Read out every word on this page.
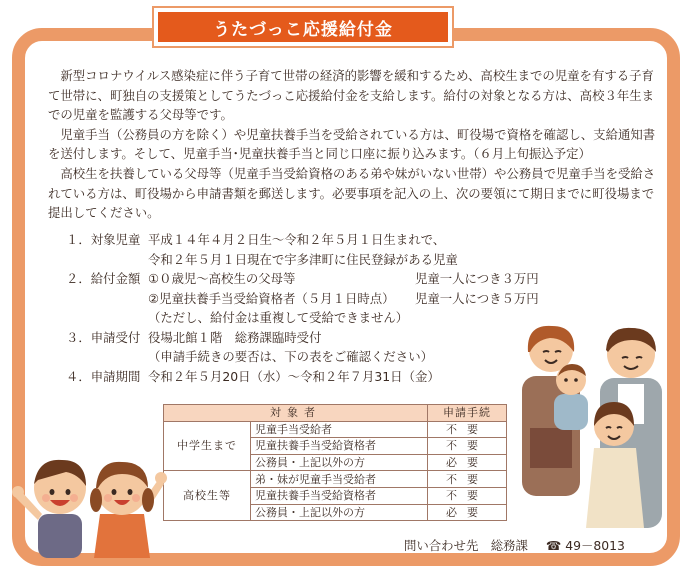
うたづっこ応援給付金

新型コロナウイルス感染症に伴う子育て世帯の経済的影響を緩和するため、高校生までの児童を有する子育て世帯に、町独自の支援策としてうたづっこ応援給付金を支給します。給付の対象となる方は、高校３年生までの児童を監護する父母等です。

児童手当（公務員の方を除く）や児童扶養手当を受給されている方は、町役場で資格を確認し、支給通知書を送付します。そして、児童手当･児童扶養手当と同じ口座に振り込みます。（６月上旬振込予定）

高校生を扶養している父母等（児童手当受給資格のある弟や妹がいない世帯）や公務員で児童手当を受給されている方は、町役場から申請書類を郵送します。必要事項を記入の上、次の要領にて期日までに町役場まで提出してください。

１．対象児童 平成１４年４月２日生〜令和２年５月１日生まれで、
令和２年５月１日現在で宇多津町に住民登録がある児童
２．給付金額 ①０歳児〜高校生の父母等	児童一人につき３万円
②児童扶養手当受給資格者（５月１日時点）	児童一人につき５万円
（ただし、給付金は重複して受給できません）
３．申請受付 役場北館１階　総務課臨時受付
（申請手続きの要否は、下の表をご確認ください）
４．申請期間 令和２年５月20日（水）〜令和２年７月31日（金）
対象者		申請手続
中学生まで	児童手当受給者	不要
	児童扶養手当受給資格者	不要
	公務員・上記以外の方	必要
高校生等	弟・妹が児童手当受給者	不要
	児童扶養手当受給資格者	不要
	公務員・上記以外の方	必要
問い合わせ先　総務課 ☎ 49－8013
